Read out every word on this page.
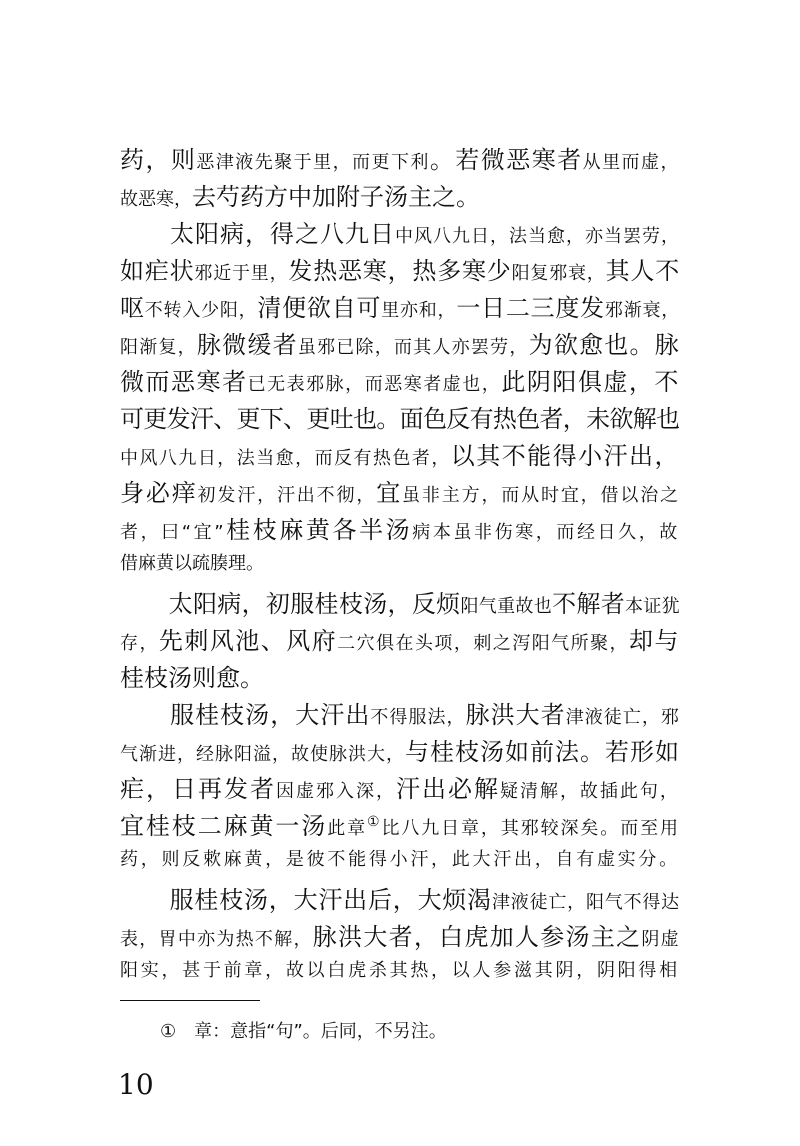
药，则恶津液先聚于里，而更下利。若微恶寒者从里而虚，
故恶寒，去芍药方中加附子汤主之。
　　太阳病，得之八九日中风八九日，法当愈，亦当罢劳，
如疟状邪近于里，发热恶寒，热多寒少阳复邪衰，其人不
呕不转入少阳，清便欲自可里亦和，一日二三度发邪渐衰，
阳渐复，脉微缓者虽邪已除，而其人亦罢劳，为欲愈也。脉
微而恶寒者已无表邪脉，而恶寒者虚也，此阴阳俱虚，不
可更发汗、更下、更吐也。面色反有热色者，未欲解也
中风八九日，法当愈，而反有热色者，以其不能得小汗出，
身必痒初发汗，汗出不彻，宜虽非主方，而从时宜，借以治之
者，曰“宜”桂枝麻黄各半汤病本虽非伤寒，而经日久，故
借麻黄以疏腠理。
　　太阳病，初服桂枝汤，反烦阳气重故也不解者本证犹
存，先刺风池、风府二穴俱在头项，刺之泻阳气所聚，却与
桂枝汤则愈。
　　服桂枝汤，大汗出不得服法，脉洪大者津液徒亡，邪
气渐进，经脉阳溢，故使脉洪大，与桂枝汤如前法。若形如
疟，日再发者因虚邪入深，汗出必解疑清解，故插此句，
宜桂枝二麻黄一汤此章①比八九日章，其邪较深矣。而至用
药，则反欶麻黄，是彼不能得小汗，此大汗出，自有虚实分。
　　服桂枝汤，大汗出后，大烦渴津液徒亡，阳气不得达
表，胃中亦为热不解，脉洪大者，白虎加人参汤主之阴虚
阳实，甚于前章，故以白虎杀其热，以人参滋其阴，阴阳得相
①　章：意指“句”。后同，不另注。
10
